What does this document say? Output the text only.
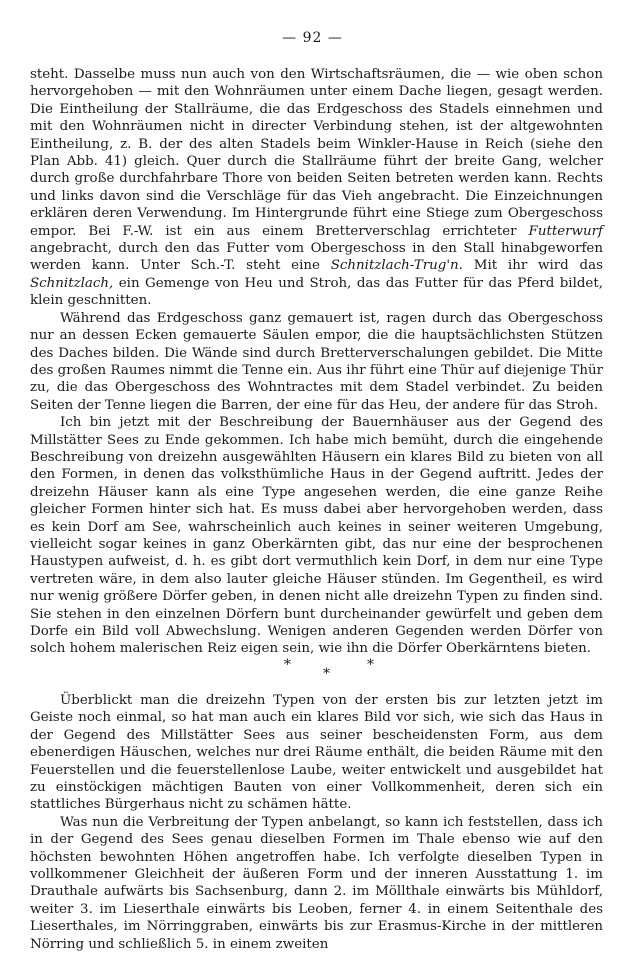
— 92 —

steht. Dasselbe muss nun auch von den Wirtschaftsräumen, die — wie oben schon hervorgehoben — mit den Wohnräumen unter einem Dache liegen, gesagt werden. Die Eintheilung der Stallräume, die das Erdgeschoss des Stadels einnehmen und mit den Wohnräumen nicht in directer Verbindung stehen, ist der altgewohnten Eintheilung, z. B. der des alten Stadels beim Winkler-Hause in Reich (siehe den Plan Abb. 41) gleich. Quer durch die Stallräume führt der breite Gang, welcher durch große durchfahrbare Thore von beiden Seiten betreten werden kann. Rechts und links davon sind die Verschläge für das Vieh angebracht. Die Einzeichnungen erklären deren Verwendung. Im Hintergrunde führt eine Stiege zum Obergeschoss empor. Bei F.-W. ist ein aus einem Bretterverschlag errichteter Futterwurf angebracht, durch den das Futter vom Obergeschoss in den Stall hinabgeworfen werden kann. Unter Sch.-T. steht eine Schnitzlach-Trug'n. Mit ihr wird das Schnitzlach, ein Gemenge von Heu und Stroh, das das Futter für das Pferd bildet, klein geschnitten.

Während das Erdgeschoss ganz gemauert ist, ragen durch das Obergeschoss nur an dessen Ecken gemauerte Säulen empor, die die hauptsächlichsten Stützen des Daches bilden. Die Wände sind durch Bretterverschalungen gebildet. Die Mitte des großen Raumes nimmt die Tenne ein. Aus ihr führt eine Thür auf diejenige Thür zu, die das Obergeschoss des Wohntractes mit dem Stadel verbindet. Zu beiden Seiten der Tenne liegen die Barren, der eine für das Heu, der andere für das Stroh.

Ich bin jetzt mit der Beschreibung der Bauernhäuser aus der Gegend des Millstätter Sees zu Ende gekommen. Ich habe mich bemüht, durch die eingehende Beschreibung von dreizehn ausgewählten Häusern ein klares Bild zu bieten von all den Formen, in denen das volksthümliche Haus in der Gegend auftritt. Jedes der dreizehn Häuser kann als eine Type angesehen werden, die eine ganze Reihe gleicher Formen hinter sich hat. Es muss dabei aber hervorgehoben werden, dass es kein Dorf am See, wahrscheinlich auch keines in seiner weiteren Umgebung, vielleicht sogar keines in ganz Oberkärnten gibt, das nur eine der besprochenen Haustypen aufweist, d. h. es gibt dort vermuthlich kein Dorf, in dem nur eine Type vertreten wäre, in dem also lauter gleiche Häuser stünden. Im Gegentheil, es wird nur wenig größere Dörfer geben, in denen nicht alle dreizehn Typen zu finden sind. Sie stehen in den einzelnen Dörfern bunt durcheinander gewürfelt und geben dem Dorfe ein Bild voll Abwechslung. Wenigen anderen Gegenden werden Dörfer von solch hohem malerischen Reiz eigen sein, wie ihn die Dörfer Oberkärntens bieten.

*
*
*

Überblickt man die dreizehn Typen von der ersten bis zur letzten jetzt im Geiste noch einmal, so hat man auch ein klares Bild vor sich, wie sich das Haus in der Gegend des Millstätter Sees aus seiner bescheidensten Form, aus dem ebenerdigen Häuschen, welches nur drei Räume enthält, die beiden Räume mit den Feuerstellen und die feuerstellenlose Laube, weiter entwickelt und ausgebildet hat zu einstöckigen mächtigen Bauten von einer Vollkommenheit, deren sich ein stattliches Bürgerhaus nicht zu schämen hätte.

Was nun die Verbreitung der Typen anbelangt, so kann ich feststellen, dass ich in der Gegend des Sees genau dieselben Formen im Thale ebenso wie auf den höchsten bewohnten Höhen angetroffen habe. Ich verfolgte dieselben Typen in vollkommener Gleichheit der äußeren Form und der inneren Ausstattung 1. im Drauthale aufwärts bis Sachsenburg, dann 2. im Möllthale einwärts bis Mühldorf, weiter 3. im Lieserthale einwärts bis Leoben, ferner 4. in einem Seitenthale des Lieserthales, im Nörringgraben, einwärts bis zur Erasmus-Kirche in der mittleren Nörring und schließlich 5. in einem zweiten
